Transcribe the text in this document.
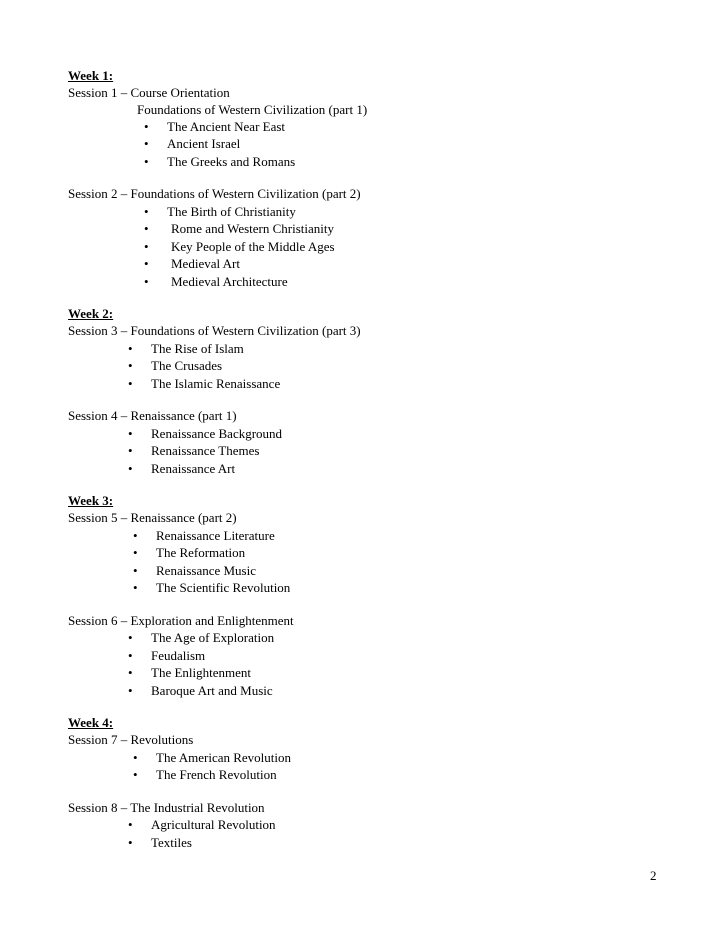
Week 1:
Session 1 – Course Orientation
Foundations of Western Civilization (part 1)
• The Ancient Near East
• Ancient Israel
• The Greeks and Romans
Session 2 – Foundations of Western Civilization (part 2)
• The Birth of Christianity
• Rome and Western Christianity
• Key People of the Middle Ages
• Medieval Art
• Medieval Architecture
Week 2:
Session 3 – Foundations of Western Civilization (part 3)
• The Rise of Islam
• The Crusades
• The Islamic Renaissance
Session 4 – Renaissance (part 1)
• Renaissance Background
• Renaissance Themes
• Renaissance Art
Week 3:
Session 5 – Renaissance (part 2)
• Renaissance Literature
• The Reformation
• Renaissance Music
• The Scientific Revolution
Session 6 – Exploration and Enlightenment
• The Age of Exploration
• Feudalism
• The Enlightenment
• Baroque Art and Music
Week 4:
Session 7 – Revolutions
• The American Revolution
• The French Revolution
Session 8 – The Industrial Revolution
• Agricultural Revolution
• Textiles
2
